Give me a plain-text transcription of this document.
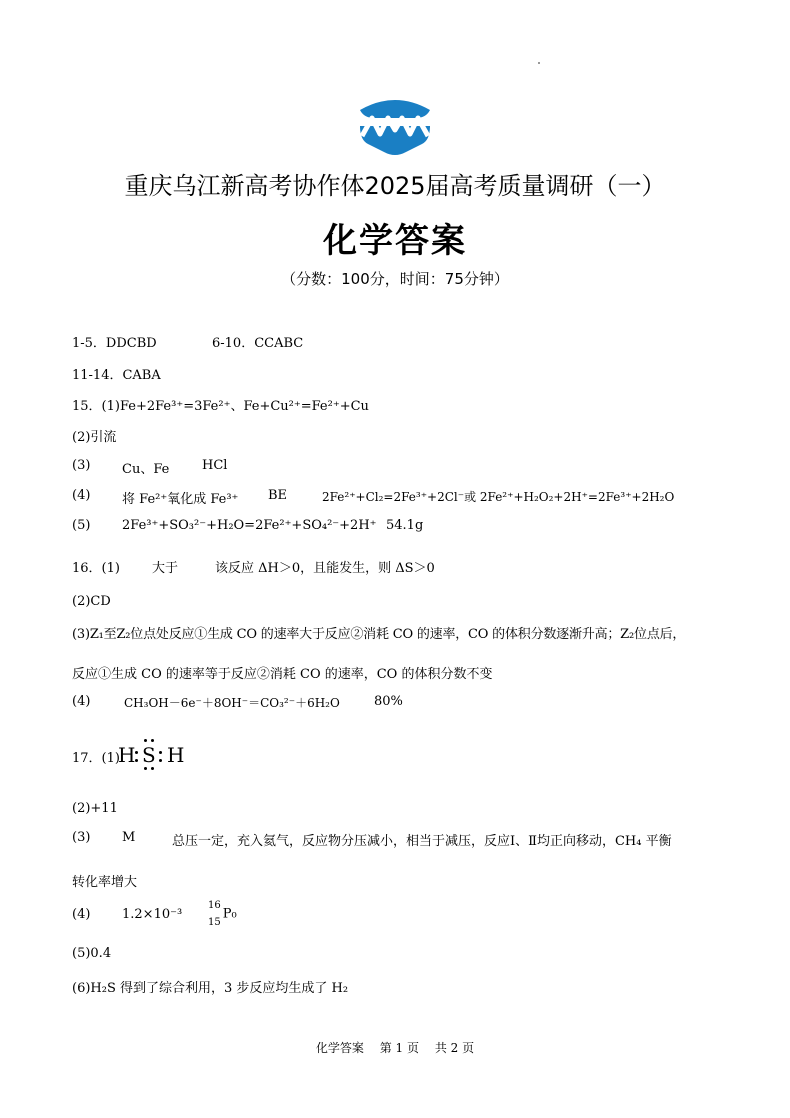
重庆乌江新高考协作体2025届高考质量调研（一）
化学答案
（分数：100分，时间：75分钟）
1-5．DDCBD	6-10．CCABC
11-14．CABA
15．(1)Fe+2Fe³⁺=3Fe²⁺、Fe+Cu²⁺=Fe²⁺+Cu
(2)引流
(3) Cu、Fe	HCl
(4) 将 Fe²⁺氧化成 Fe³⁺ BE	2Fe²⁺+Cl₂=2Fe³⁺+2Cl⁻或 2Fe²⁺+H₂O₂+2H⁺=2Fe³⁺+2H₂O
(5) 2Fe³⁺+SO₃²⁻+H₂O=2Fe²⁺+SO₄²⁻+2H⁺ 54.1g
16．(1) 大于	该反应 ΔH＞0，且能发生，则 ΔS＞0
(2)CD
(3)Z₁至Z₂位点处反应①生成 CO 的速率大于反应②消耗 CO 的速率，CO 的体积分数逐渐升高；Z₂位点后，
反应①生成 CO 的速率等于反应②消耗 CO 的速率，CO 的体积分数不变
(4)	CH₃OH－6e⁻＋8OH⁻＝CO₃²⁻＋6H₂O	80%
17．(1)
H S H
(2)+11
(3) M	总压一定，充入氦气，反应物分压减小，相当于减压，反应Ⅰ、Ⅱ均正向移动，CH₄ 平衡
转化率增大
(4) 1.2×10⁻³
16
15
P₀
(5)0.4
(6)H₂S 得到了综合利用，3 步反应均生成了 H₂
化学答案 第 1 页 共 2 页
